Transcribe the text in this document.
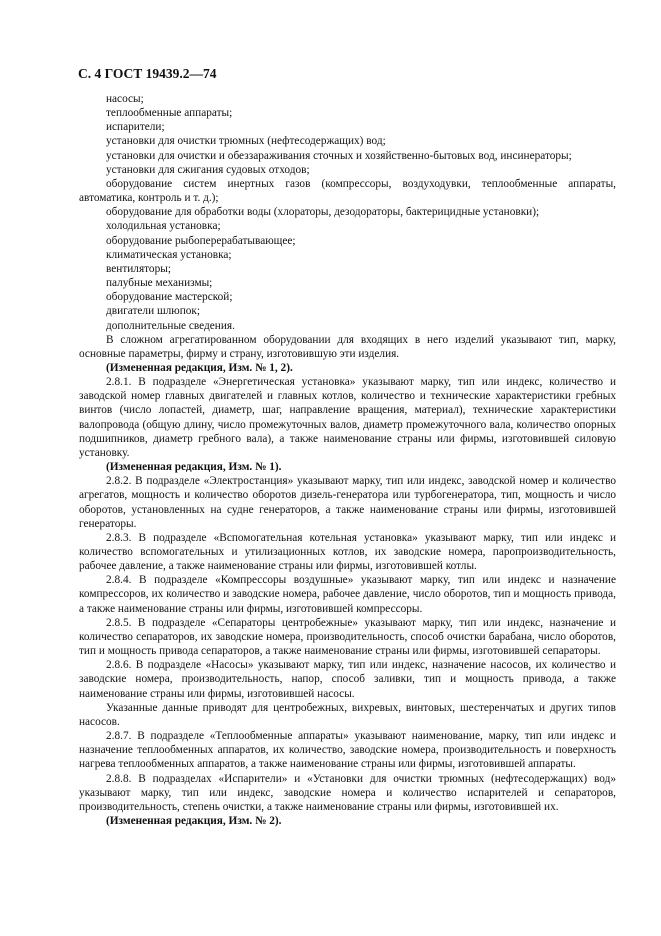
С. 4 ГОСТ 19439.2—74

насосы;

теплообменные аппараты;

испарители;

установки для очистки трюмных (нефтесодержащих) вод;

установки для очистки и обеззараживания сточных и хозяйственно-бытовых вод, инсинераторы;

установки для сжигания судовых отходов;

оборудование систем инертных газов (компрессоры, воздуходувки, теплообменные аппараты, автоматика, контроль и т. д.);

оборудование для обработки воды (хлораторы, дезодораторы, бактерицидные установки);

холодильная установка;

оборудование рыбоперерабатывающее;

климатическая установка;

вентиляторы;

палубные механизмы;

оборудование мастерской;

двигатели шлюпок;

дополнительные сведения.

В сложном агрегатированном оборудовании для входящих в него изделий указывают тип, марку, основные параметры, фирму и страну, изготовившую эти изделия.

(Измененная редакция, Изм. № 1, 2).

2.8.1. В подразделе «Энергетическая установка» указывают марку, тип или индекс, количество и заводской номер главных двигателей и главных котлов, количество и технические характеристики гребных винтов (число лопастей, диаметр, шаг, направление вращения, материал), технические характеристики валопровода (общую длину, число промежуточных валов, диаметр промежуточного вала, количество опорных подшипников, диаметр гребного вала), а также наименование страны или фирмы, изготовившей силовую установку.

(Измененная редакция, Изм. № 1).

2.8.2. В подразделе «Электростанция» указывают марку, тип или индекс, заводской номер и количество агрегатов, мощность и количество оборотов дизель-генератора или турбогенератора, тип, мощность и число оборотов, установленных на судне генераторов, а также наименование страны или фирмы, изготовившей генераторы.

2.8.3. В подразделе «Вспомогательная котельная установка» указывают марку, тип или индекс и количество вспомогательных и утилизационных котлов, их заводские номера, паропроизводительность, рабочее давление, а также наименование страны или фирмы, изготовившей котлы.

2.8.4. В подразделе «Компрессоры воздушные» указывают марку, тип или индекс и назначение компрессоров, их количество и заводские номера, рабочее давление, число оборотов, тип и мощность привода, а также наименование страны или фирмы, изготовившей компрессоры.

2.8.5. В подразделе «Сепараторы центробежные» указывают марку, тип или индекс, назначение и количество сепараторов, их заводские номера, производительность, способ очистки барабана, число оборотов, тип и мощность привода сепараторов, а также наименование страны или фирмы, изготовившей сепараторы.

2.8.6. В подразделе «Насосы» указывают марку, тип или индекс, назначение насосов, их количество и заводские номера, производительность, напор, способ заливки, тип и мощность привода, а также наименование страны или фирмы, изготовившей насосы.

Указанные данные приводят для центробежных, вихревых, винтовых, шестеренчатых и других типов насосов.

2.8.7. В подразделе «Теплообменные аппараты» указывают наименование, марку, тип или индекс и назначение теплообменных аппаратов, их количество, заводские номера, производительность и поверхность нагрева теплообменных аппаратов, а также наименование страны или фирмы, изготовившей аппараты.

2.8.8. В подразделах «Испарители» и «Установки для очистки трюмных (нефтесодержащих) вод» указывают марку, тип или индекс, заводские номера и количество испарителей и сепараторов, производительность, степень очистки, а также наименование страны или фирмы, изготовившей их.

(Измененная редакция, Изм. № 2).
